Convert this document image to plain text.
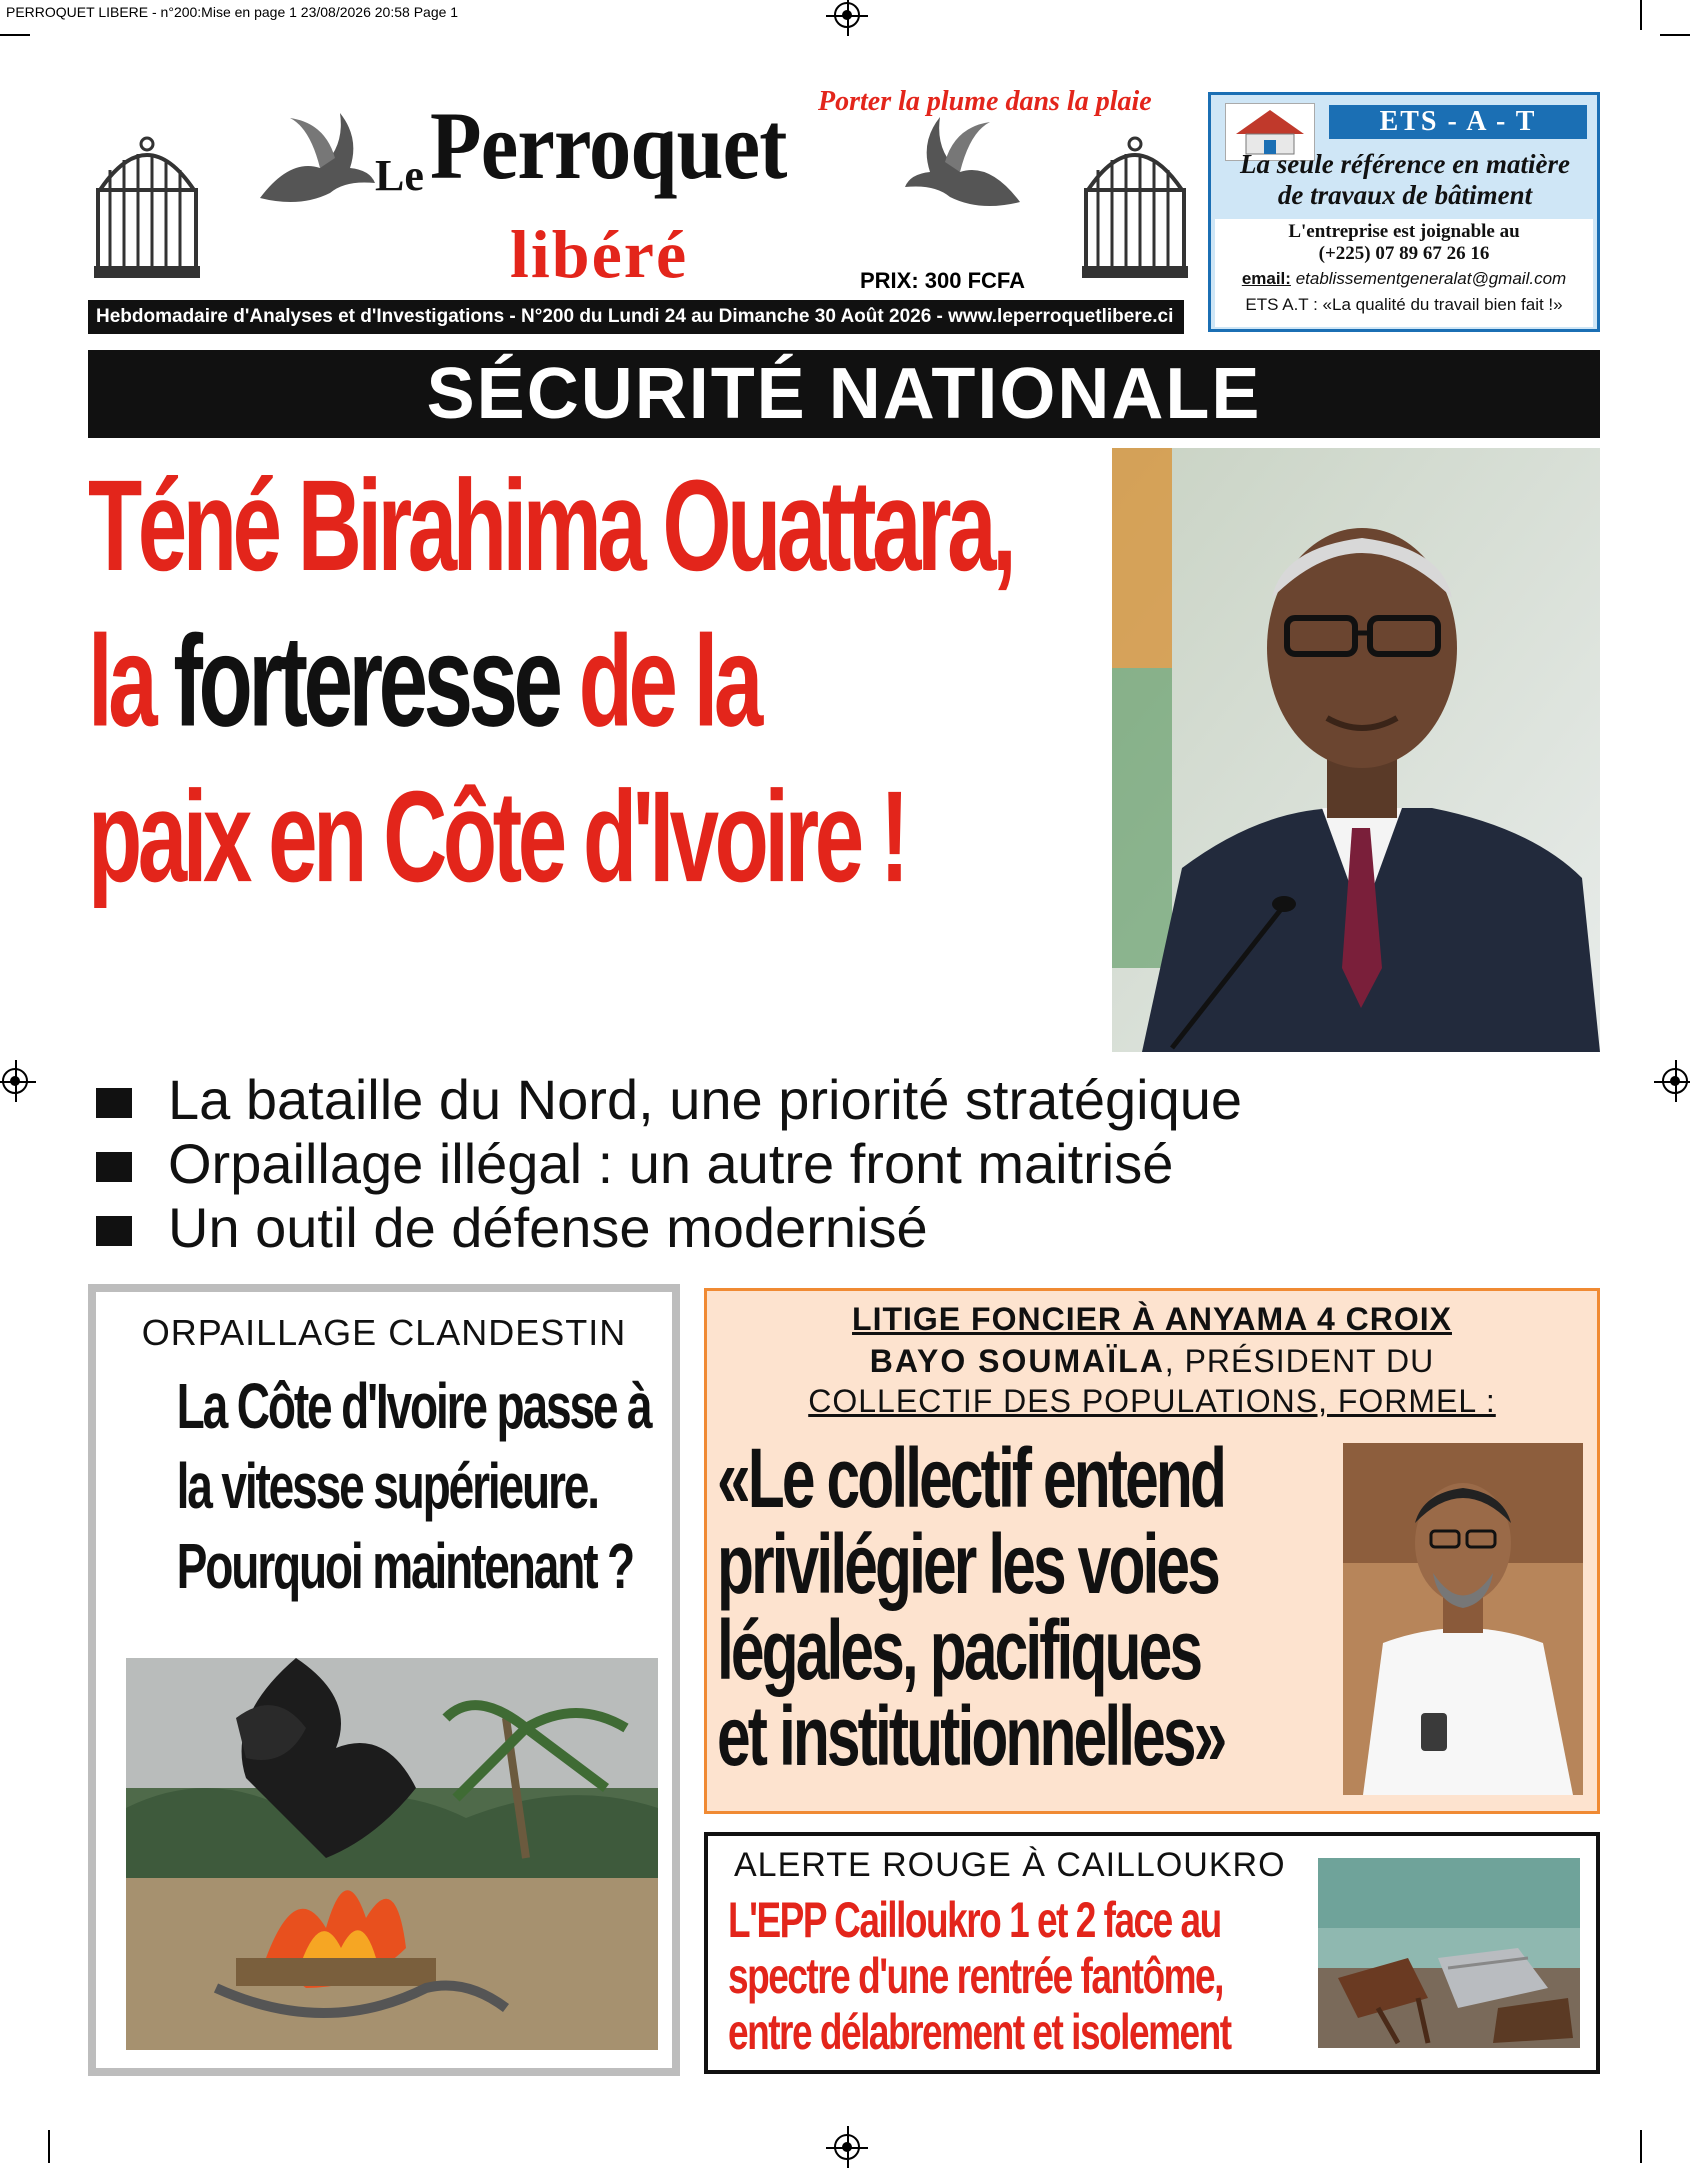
PERROQUET LIBERE - n°200:Mise en page 1 23/08/2026 20:58 Page 1
Le Perroquet
libéré
Porter la plume dans la plaie
PRIX: 300 FCFA
Hebdomadaire d'Analyses et d'Investigations - N°200 du Lundi 24 au Dimanche 30 Août 2026 - www.leperroquetlibere.ci
ETS - A - T
La seule référence en matière
de travaux de bâtiment
L'entreprise est joignable au
(+225) 07 89 67 26 16
email: etablissementgeneralat@gmail.com
ETS A.T : «La qualité du travail bien fait !»
SÉCURITÉ NATIONALE
Téné Birahima Ouattara,
la forteresse de la
paix en Côte d'Ivoire !
La bataille du Nord, une priorité stratégique
Orpaillage illégal : un autre front maitrisé
Un outil de défense modernisé
ORPAILLAGE CLANDESTIN
La Côte d'Ivoire passe à
la vitesse supérieure.
Pourquoi maintenant ?
LITIGE FONCIER À ANYAMA 4 CROIX
BAYO SOUMAÏLA, PRÉSIDENT DU
COLLECTIF DES POPULATIONS, FORMEL :
«Le collectif entend
privilégier les voies
légales, pacifiques
et institutionnelles»
ALERTE ROUGE À CAILLOUKRO
L'EPP Cailloukro 1 et 2 face au
spectre d'une rentrée fantôme,
entre délabrement et isolement
